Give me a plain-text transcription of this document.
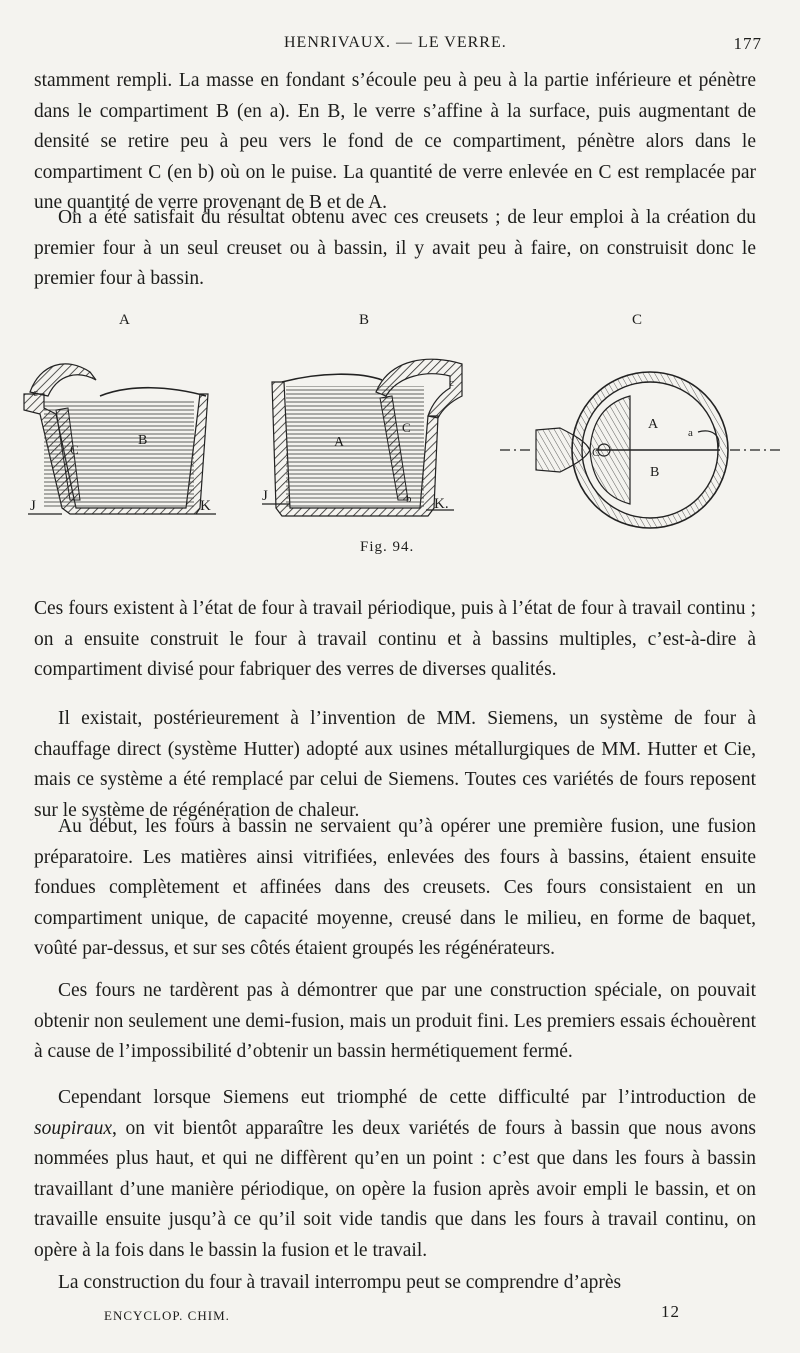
HENRIVAUX. — LE VERRE.	177

stamment rempli. La masse en fondant s’écoule peu à peu à la partie inférieure et pénètre dans le compartiment B (en a). En B, le verre s’affine à la surface, puis augmentant de densité se retire peu à peu vers le fond de ce compartiment, pénètre alors dans le compartiment C (en b) où on le puise. La quantité de verre enlevée en C est remplacée par une quantité de verre provenant de B et de A.

On a été satisfait du résultat obtenu avec ces creusets ; de leur emploi à la création du premier four à un seul creuset ou à bassin, il y avait peu à faire, on construisit donc le premier four à bassin.

A	B	C
c
C
B
J	K
c
C
A
b
J	K.
A
a
B
C
Fig. 94.

Ces fours existent à l’état de four à travail périodique, puis à l’état de four à travail continu ; on a ensuite construit le four à travail continu et à bassins multiples, c’est-à-dire à compartiment divisé pour fabriquer des verres de diverses qualités.

Il existait, postérieurement à l’invention de MM. Siemens, un système de four à chauffage direct (système Hutter) adopté aux usines métallurgiques de MM. Hutter et Cie, mais ce système a été remplacé par celui de Siemens. Toutes ces variétés de fours reposent sur le système de régénération de chaleur.

Au début, les fours à bassin ne servaient qu’à opérer une première fusion, une fusion préparatoire. Les matières ainsi vitrifiées, enlevées des fours à bassins, étaient ensuite fondues complètement et affinées dans des creusets. Ces fours consistaient en un compartiment unique, de capacité moyenne, creusé dans le milieu, en forme de baquet, voûté par-dessus, et sur ses côtés étaient groupés les régénérateurs.

Ces fours ne tardèrent pas à démontrer que par une construction spéciale, on pouvait obtenir non seulement une demi-fusion, mais un produit fini. Les premiers essais échouèrent à cause de l’impossibilité d’obtenir un bassin hermétiquement fermé.

Cependant lorsque Siemens eut triomphé de cette difficulté par l’introduction de soupiraux, on vit bientôt apparaître les deux variétés de fours à bassin que nous avons nommées plus haut, et qui ne diffèrent qu’en un point : c’est que dans les fours à bassin travaillant d’une manière périodique, on opère la fusion après avoir empli le bassin, et on travaille ensuite jusqu’à ce qu’il soit vide tandis que dans les fours à travail continu, on opère à la fois dans le bassin la fusion et le travail.

La construction du four à travail interrompu peut se comprendre d’après

ENCYCLOP. CHIM.	12
